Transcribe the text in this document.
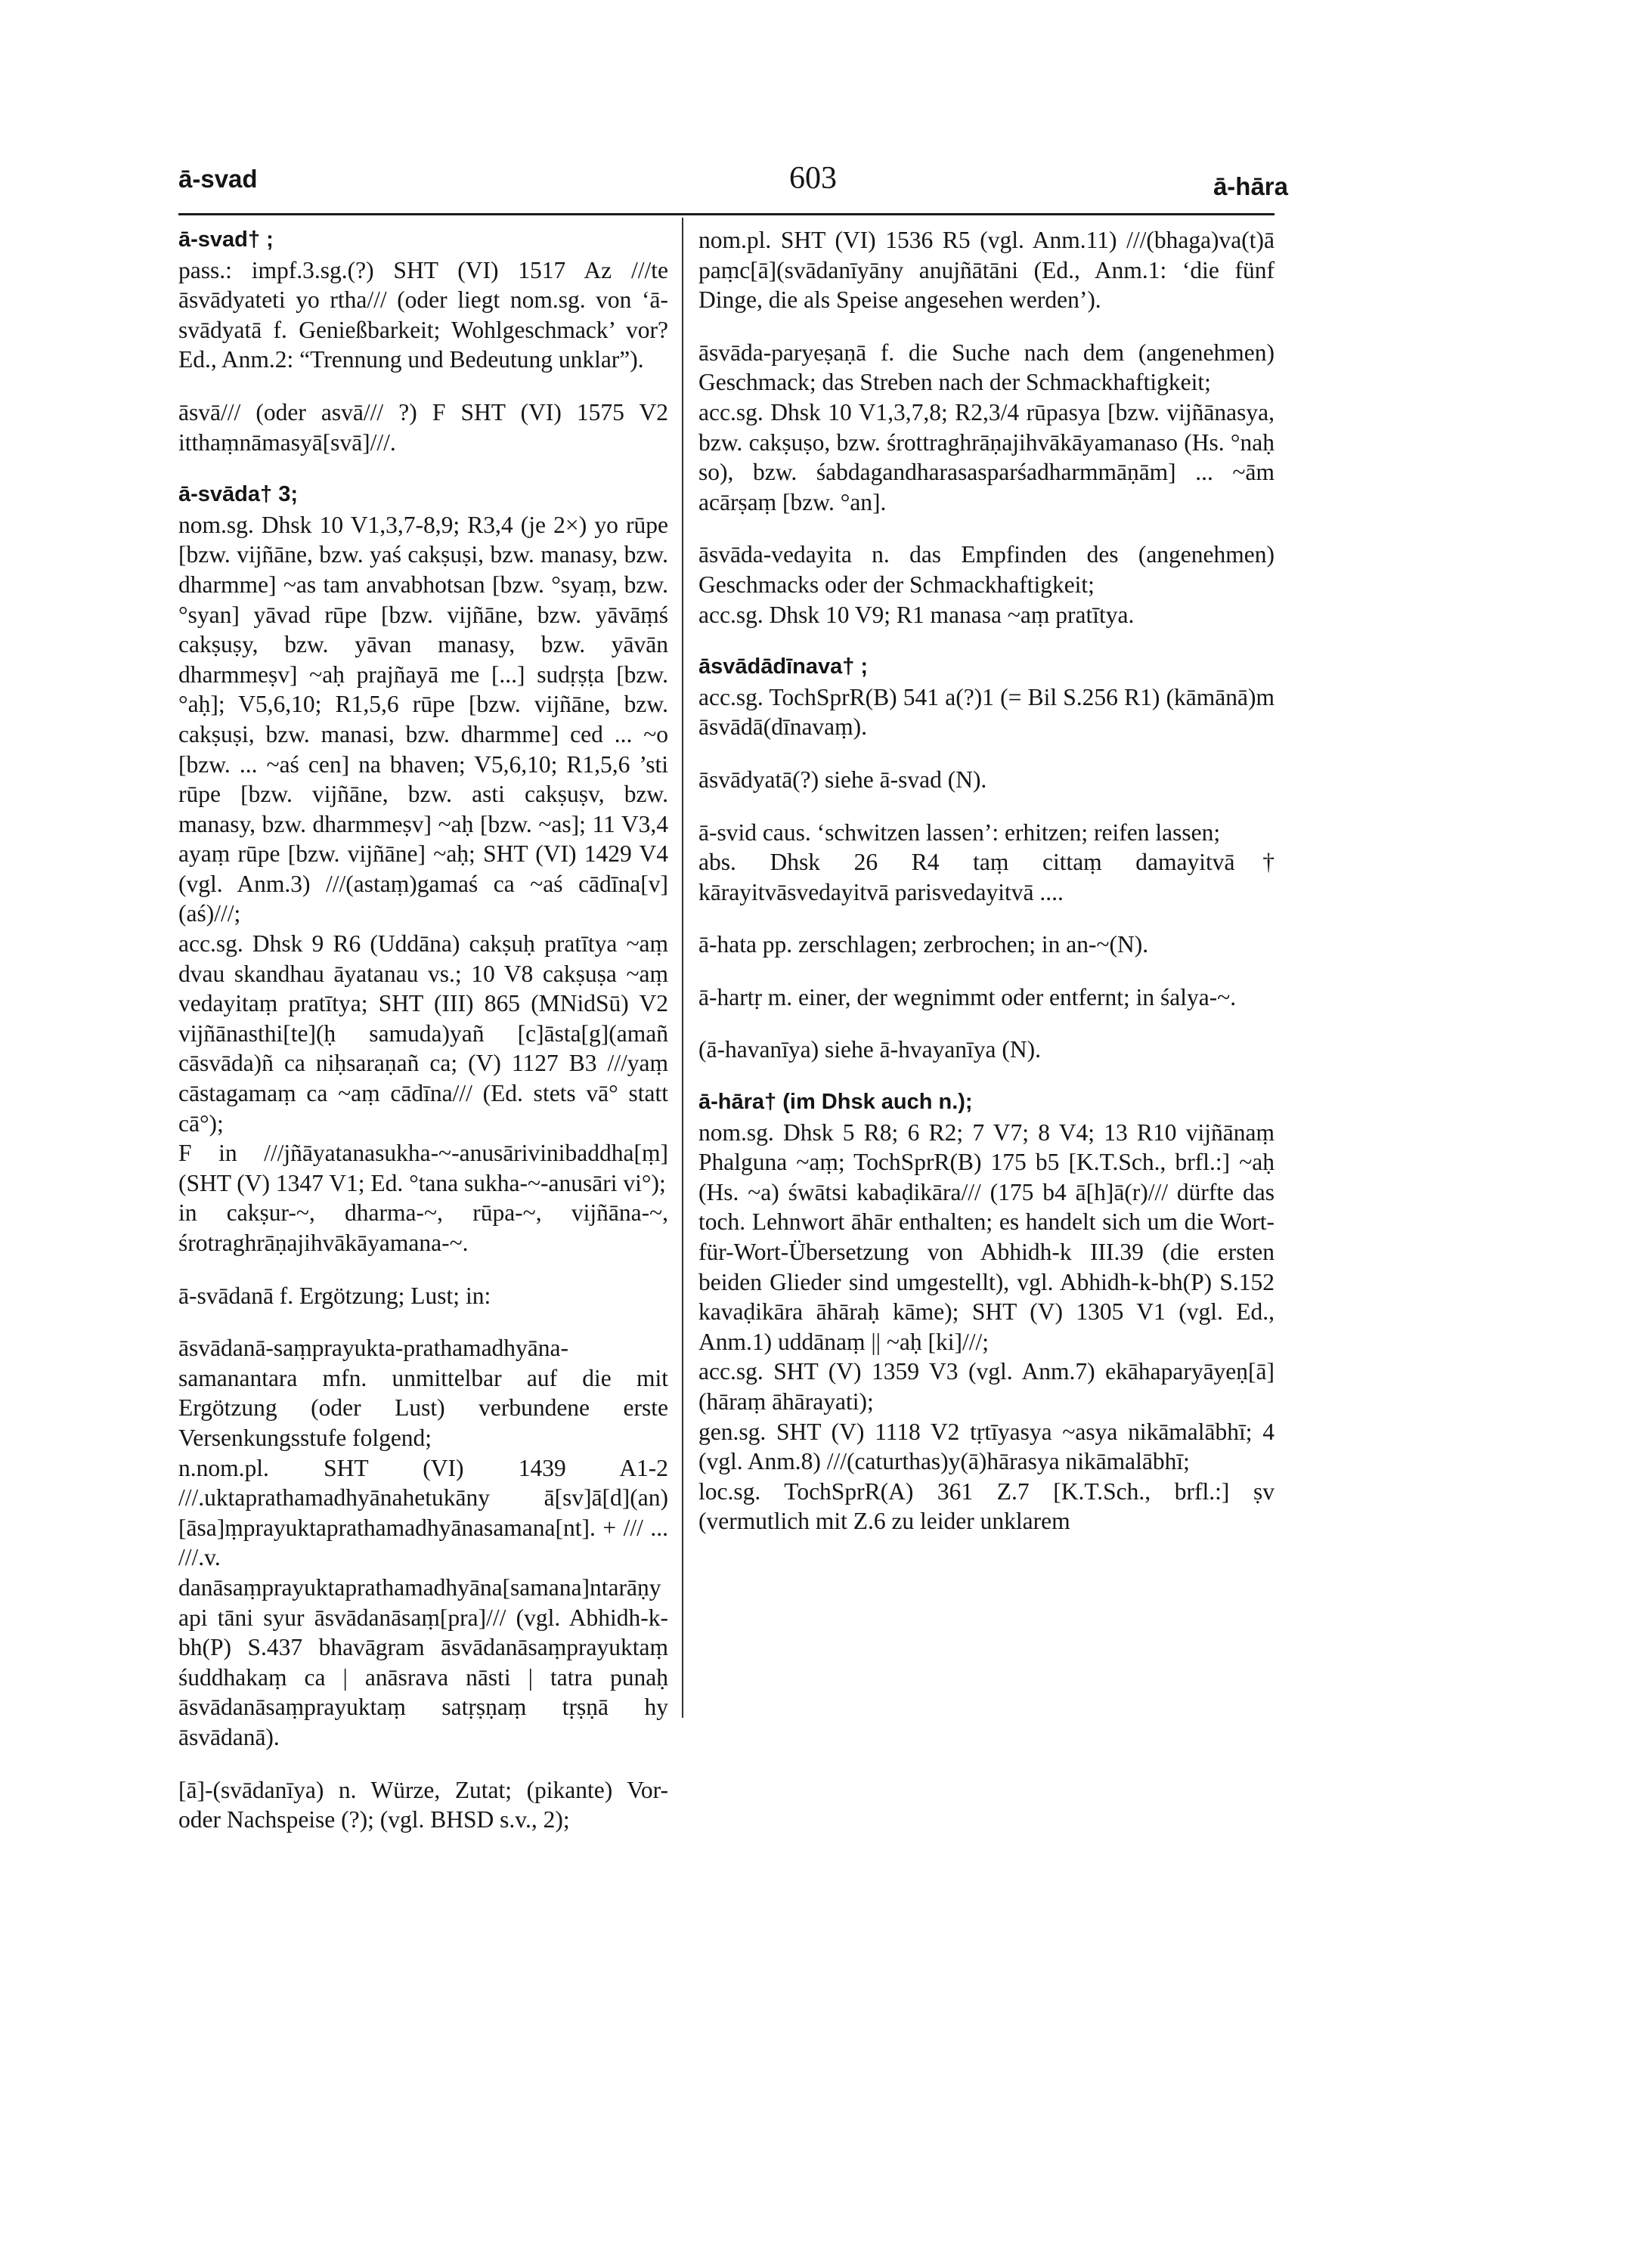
ā-svad	603	ā-hāra

ā-svad† ;

pass.: impf.3.sg.(?) SHT (VI) 1517 Az ///te āsvādyateti yo rtha/// (oder liegt nom.sg. von ‘ā-svādyatā f. Genießbarkeit; Wohlgeschmack’ vor? Ed., Anm.2: “Trennung und Bedeutung unklar”).

āsvā/// (oder asvā/// ?) F SHT (VI) 1575 V2 itthaṃnāmasyā[svā]///.

ā-svāda† 3;

nom.sg. Dhsk 10 V1,3,7-8,9; R3,4 (je 2×) yo rūpe [bzw. vijñāne, bzw. yaś cakṣuṣi, bzw. manasy, bzw. dharmme] ~as tam anvabhotsan [bzw. °syaṃ, bzw. °syan] yāvad rūpe [bzw. vijñāne, bzw. yāvāṃś cakṣuṣy, bzw. yāvan manasy, bzw. yāvān dharmmeṣv] ~aḥ prajñayā me [...] sudṛṣṭa [bzw. °aḥ]; V5,6,10; R1,5,6 rūpe [bzw. vijñāne, bzw. cakṣuṣi, bzw. manasi, bzw. dharmme] ced ... ~o [bzw. ... ~aś cen] na bhaven; V5,6,10; R1,5,6 ’sti rūpe [bzw. vijñāne, bzw. asti cakṣuṣv, bzw. manasy, bzw. dharmmeṣv] ~aḥ [bzw. ~as]; 11 V3,4 ayaṃ rūpe [bzw. vijñāne] ~aḥ; SHT (VI) 1429 V4 (vgl. Anm.3) ///(astaṃ)gamaś ca ~aś cādīna[v](aś)///;

acc.sg. Dhsk 9 R6 (Uddāna) cakṣuḥ pratītya ~aṃ dvau skandhau āyatanau vs.; 10 V8 cakṣuṣa ~aṃ vedayitaṃ pratītya; SHT (III) 865 (MNidSū) V2 vijñānasthi[te](ḥ samuda)yañ [c]āsta[g](amañ cāsvāda)ñ ca niḥsaraṇañ ca; (V) 1127 B3 ///yaṃ cāstagamaṃ ca ~aṃ cādīna/// (Ed. stets vā° statt cā°);

F in ///jñāyatanasukha-~-anusārivinibaddha[ṃ] (SHT (V) 1347 V1; Ed. °tana sukha-~-anusāri vi°);

in cakṣur-~, dharma-~, rūpa-~, vijñāna-~, śrotraghrāṇajihvākāyamana-~.

ā-svādanā f. Ergötzung; Lust; in:

āsvādanā-saṃprayukta-prathamadhyāna-samanantara mfn. unmittelbar auf die mit Ergötzung (oder Lust) verbundene erste Versenkungsstufe folgend;

n.nom.pl. SHT (VI) 1439 A1-2 ///.uktaprathamadhyānahetukāny ā[sv]ā[d](an)[āsa]ṃprayuktaprathamadhyānasamana[nt]. + /// ... ///.v. danāsaṃprayuktaprathamadhyāna[samana]ntarāṇy api tāni syur āsvādanāsaṃ[pra]/// (vgl. Abhidh-k-bh(P) S.437 bhavāgram āsvādanāsaṃprayuktaṃ śuddhakaṃ ca | anāsrava nāsti | tatra punaḥ āsvādanāsaṃprayuktaṃ satṛṣṇaṃ tṛṣṇā hy āsvādanā).

[ā]-(svādanīya) n. Würze, Zutat; (pikante) Vor- oder Nachspeise (?); (vgl. BHSD s.v., 2);

nom.pl. SHT (VI) 1536 R5 (vgl. Anm.11) ///(bhaga)va(t)ā paṃc[ā](svādanīyāny anujñātāni (Ed., Anm.1: ‘die fünf Dinge, die als Speise angesehen werden’).

āsvāda-paryeṣaṇā f. die Suche nach dem (angenehmen) Geschmack; das Streben nach der Schmackhaftigkeit;

acc.sg. Dhsk 10 V1,3,7,8; R2,3/4 rūpasya [bzw. vijñānasya, bzw. cakṣuṣo, bzw. śrottraghrāṇajihvākāyamanaso (Hs. °naḥ so), bzw. śabdagandharasasparśadharmmāṇām] ... ~ām acārṣaṃ [bzw. °an].

āsvāda-vedayita n. das Empfinden des (angenehmen) Geschmacks oder der Schmackhaftigkeit;

acc.sg. Dhsk 10 V9; R1 manasa ~aṃ pratītya.

āsvādādīnava† ;

acc.sg. TochSprR(B) 541 a(?)1 (= Bil S.256 R1) (kāmānā)m āsvādā(dīnavaṃ).

āsvādyatā(?) siehe ā-svad (N).

ā-svid caus. ‘schwitzen lassen’: erhitzen; reifen lassen;

abs. Dhsk 26 R4 taṃ cittaṃ damayitvā† kārayitvāsvedayitvā parisvedayitvā ....

ā-hata pp. zerschlagen; zerbrochen; in an-~(N).

ā-hartṛ m. einer, der wegnimmt oder entfernt; in śalya-~.

(ā-havanīya) siehe ā-hvayanīya (N).

ā-hāra† (im Dhsk auch n.);

nom.sg. Dhsk 5 R8; 6 R2; 7 V7; 8 V4; 13 R10 vijñānaṃ Phalguna ~aṃ; TochSprR(B) 175 b5 [K.T.Sch., brfl.:] ~aḥ (Hs. ~a) śwātsi kabaḍikāra/// (175 b4 ā[h]ā(r)/// dürfte das toch. Lehnwort āhār enthalten; es handelt sich um die Wort-für-Wort-Übersetzung von Abhidh-k III.39 (die ersten beiden Glieder sind umgestellt), vgl. Abhidh-k-bh(P) S.152 kavaḍikāra āhāraḥ kāme); SHT (V) 1305 V1 (vgl. Ed., Anm.1) uddānaṃ || ~aḥ [ki]///;

acc.sg. SHT (V) 1359 V3 (vgl. Anm.7) ekāhaparyāyeṇ[ā](hāraṃ āhārayati);

gen.sg. SHT (V) 1118 V2 tṛtīyasya ~asya nikāmalābhī; 4 (vgl. Anm.8) ///(caturthas)y(ā)hārasya nikāmalābhī;

loc.sg. TochSprR(A) 361 Z.7 [K.T.Sch., brfl.:] ṣv (vermutlich mit Z.6 zu leider unklarem
